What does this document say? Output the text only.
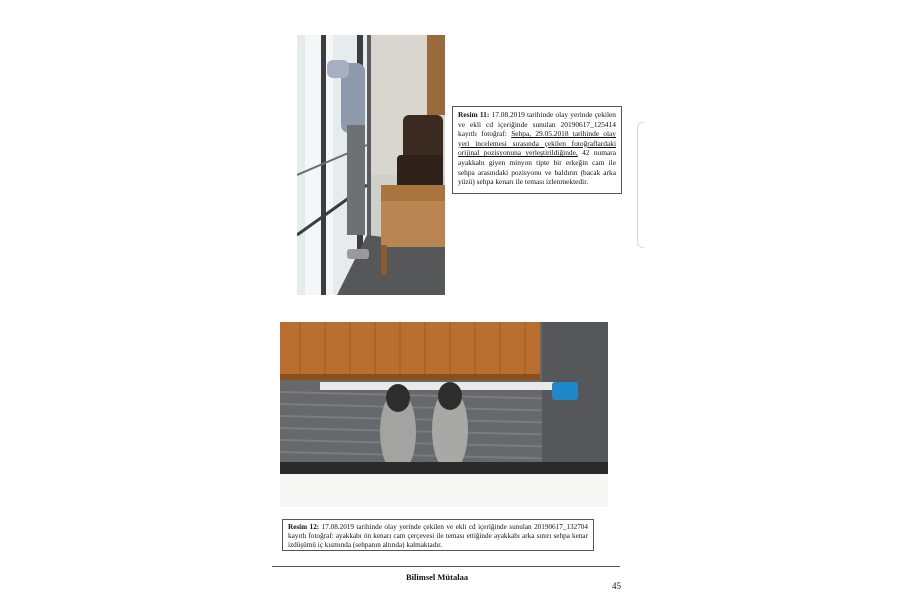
Resim 11: 17.08.2019 tarihinde olay yerinde çekilen ve ekli cd içeriğinde sunulan 20190617_125414 kayıtlı fotoğraf: Sehpa, 29.05.2018 tarihinde olay yeri incelemesi sırasında çekilen fotoğraflardaki orijinal pozisyonuna yerleştirildiğinde, 42 numara ayakkabı giyen minyon tipte bir erkeğin cam ile sehpa arasındaki pozisyonu ve baldırın (bacak arka yüzü) sehpa kenarı ile teması izlenmektedir.
Resim 12: 17.08.2019 tarihinde olay yerinde çekilen ve ekli cd içeriğinde sunulan 20190617_132704 kayıtlı fotoğraf: ayakkabı ön kenarı cam çerçevesi ile teması ettiğinde ayakkabı arka sınırı sehpa kenar izdüşümü iç kısmında (sehpanın altında) kalmaktadır.
Bilimsel Mütalaa
45
